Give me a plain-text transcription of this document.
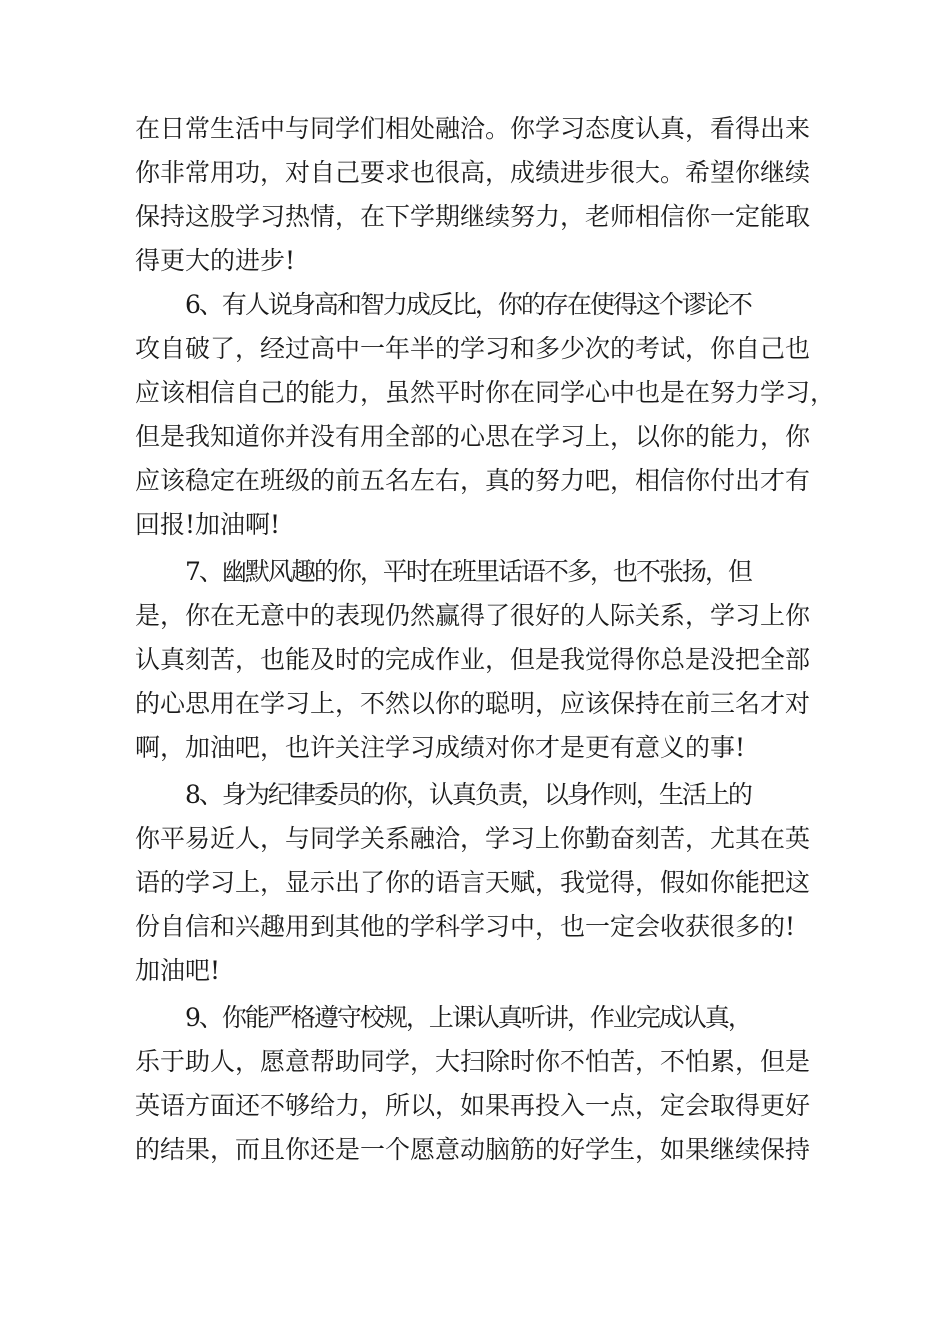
在日常生活中与同学们相处融洽。你学习态度认真，看得出来

你非常用功，对自己要求也很高，成绩进步很大。希望你继续

保持这股学习热情，在下学期继续努力，老师相信你一定能取

得更大的进步!

6、有人说身高和智力成反比，你的存在使得这个谬论不

攻自破了，经过高中一年半的学习和多少次的考试，你自己也

应该相信自己的能力，虽然平时你在同学心中也是在努力学习，

但是我知道你并没有用全部的心思在学习上，以你的能力，你

应该稳定在班级的前五名左右，真的努力吧，相信你付出才有

回报!加油啊!

7、幽默风趣的你，平时在班里话语不多，也不张扬，但

是，你在无意中的表现仍然赢得了很好的人际关系，学习上你

认真刻苦，也能及时的完成作业，但是我觉得你总是没把全部

的心思用在学习上，不然以你的聪明，应该保持在前三名才对

啊，加油吧，也许关注学习成绩对你才是更有意义的事!

8、身为纪律委员的你，认真负责，以身作则，生活上的

你平易近人，与同学关系融洽，学习上你勤奋刻苦，尤其在英

语的学习上，显示出了你的语言天赋，我觉得，假如你能把这

份自信和兴趣用到其他的学科学习中，也一定会收获很多的!

加油吧!

9、你能严格遵守校规，上课认真听讲，作业完成认真，

乐于助人，愿意帮助同学，大扫除时你不怕苦，不怕累，但是

英语方面还不够给力，所以，如果再投入一点，定会取得更好

的结果，而且你还是一个愿意动脑筋的好学生，如果继续保持
